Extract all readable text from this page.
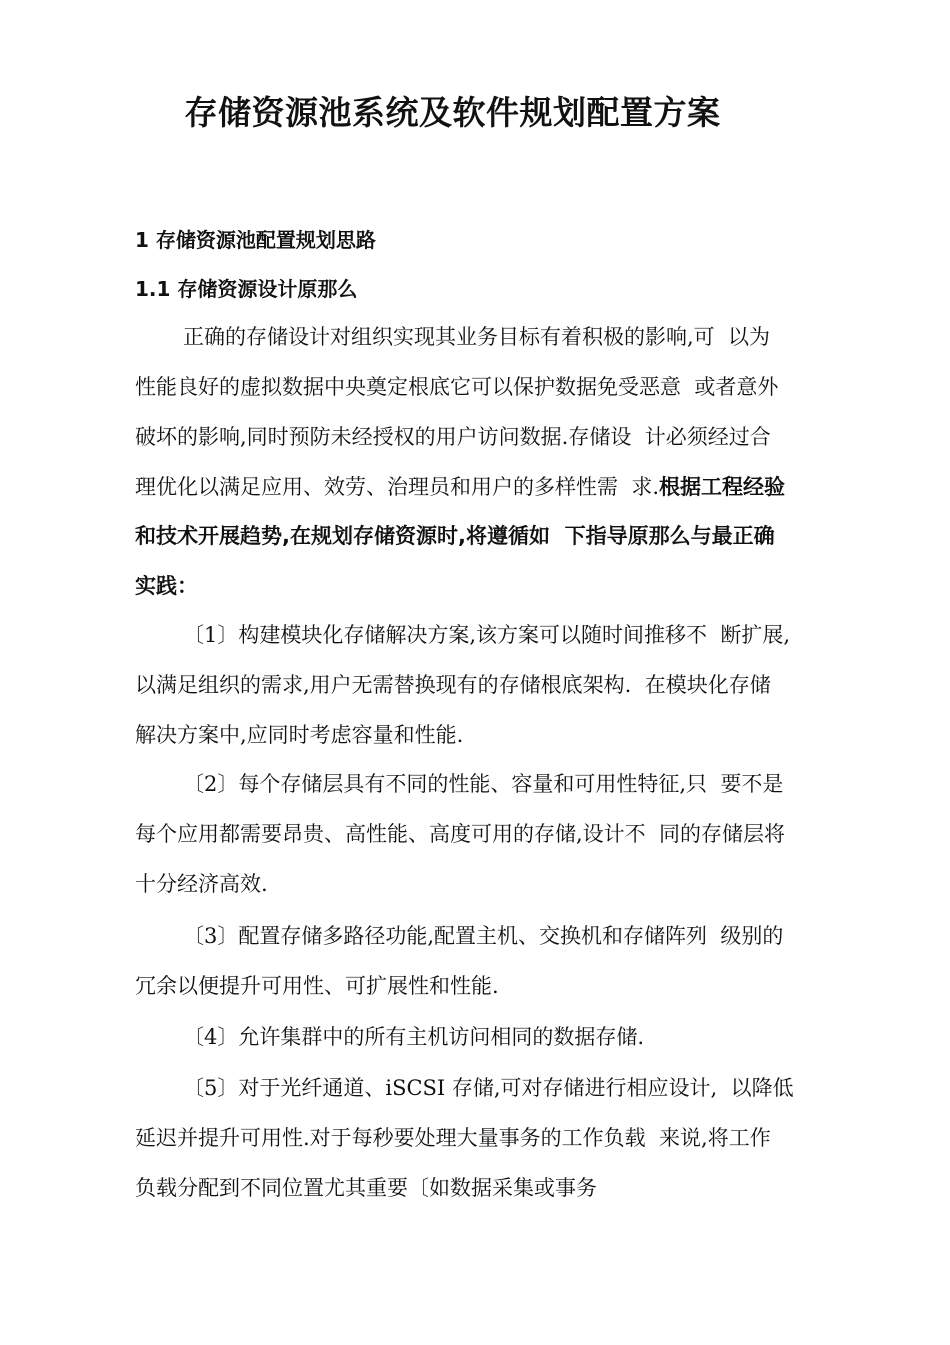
存储资源池系统及软件规划配置方案
1 存储资源池配置规划思路
1.1 存储资源设计原那么
正确的存储设计对组织实现其业务目标有着积极的影响,可  以为
性能良好的虚拟数据中央奠定根底它可以保护数据免受恶意  或者意外
破坏的影响,同时预防未经授权的用户访问数据.存储设  计必须经过合
理优化以满足应用、效劳、治理员和用户的多样性需  求.根据工程经验
和技术开展趋势,在规划存储资源时,将遵循如  下指导原那么与最正确
实践：
〔1〕构建模块化存储解决方案,该方案可以随时间推移不  断扩展,
以满足组织的需求,用户无需替换现有的存储根底架构.  在模块化存储
解决方案中,应同时考虑容量和性能.
〔2〕每个存储层具有不同的性能、容量和可用性特征,只  要不是
每个应用都需要昂贵、高性能、高度可用的存储,设计不  同的存储层将
十分经济高效.
〔3〕配置存储多路径功能,配置主机、交换机和存储阵列  级别的
冗余以便提升可用性、可扩展性和性能.
〔4〕允许集群中的所有主机访问相同的数据存储.
〔5〕对于光纤通道、iSCSI 存储,可对存储进行相应设计,  以降低
延迟并提升可用性.对于每秒要处理大量事务的工作负载  来说,将工作
负载分配到不同位置尤其重要〔如数据采集或事务
